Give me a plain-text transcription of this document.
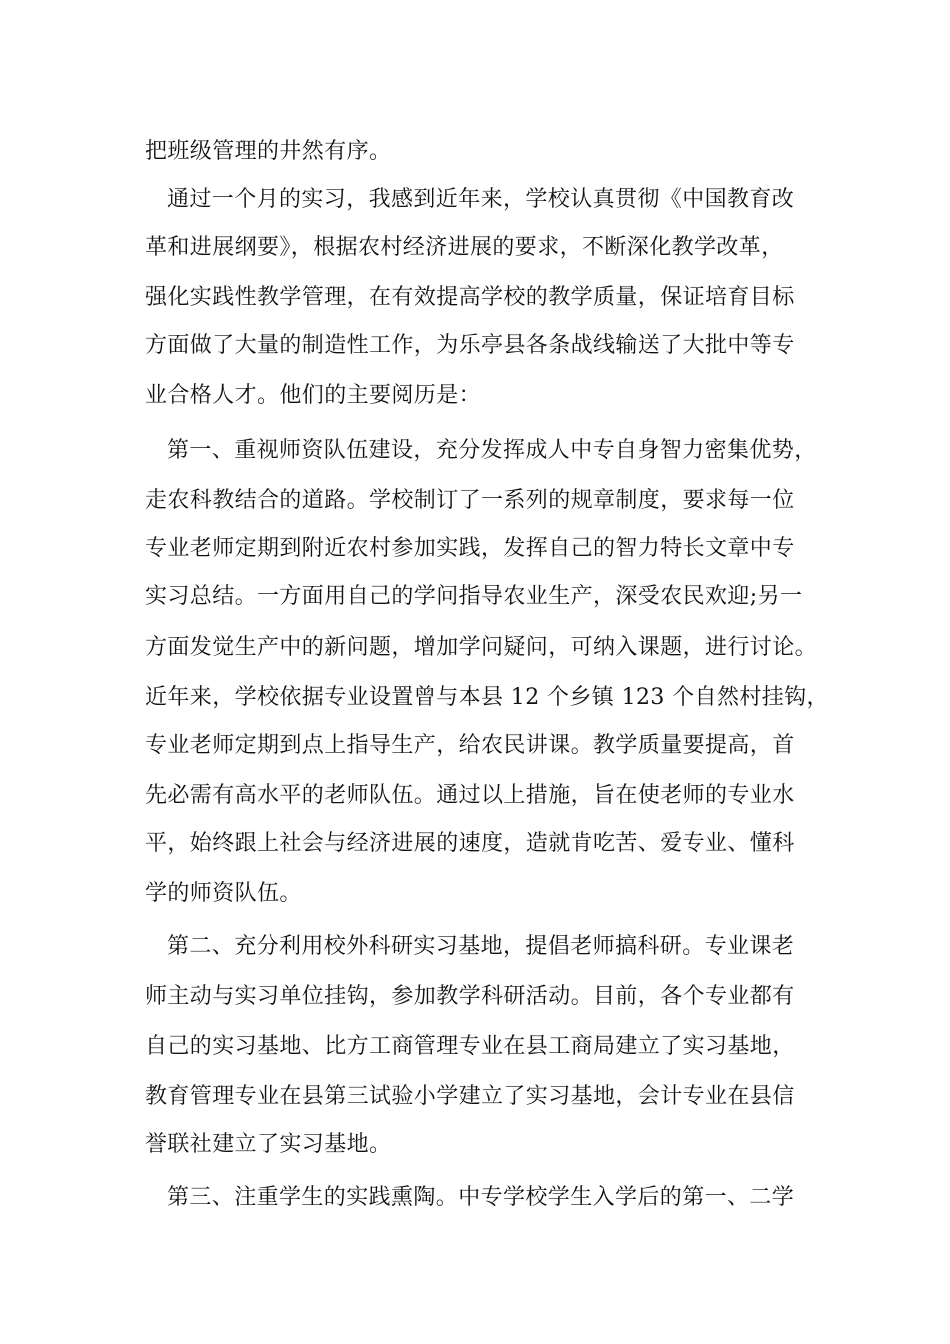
把班级管理的井然有序。
通过一个月的实习，我感到近年来，学校认真贯彻《中国教育改
革和进展纲要》，根据农村经济进展的要求，不断深化教学改革，
强化实践性教学管理，在有效提高学校的教学质量，保证培育目标
方面做了大量的制造性工作，为乐亭县各条战线输送了大批中等专
业合格人才。他们的主要阅历是：
第一、重视师资队伍建设，充分发挥成人中专自身智力密集优势，
走农科教结合的道路。学校制订了一系列的规章制度，要求每一位
专业老师定期到附近农村参加实践，发挥自己的智力特长文章中专
实习总结。一方面用自己的学问指导农业生产，深受农民欢迎;另一
方面发觉生产中的新问题，增加学问疑问，可纳入课题，进行讨论。
近年来，学校依据专业设置曾与本县 12 个乡镇 123 个自然村挂钩，
专业老师定期到点上指导生产，给农民讲课。教学质量要提高，首
先必需有高水平的老师队伍。通过以上措施，旨在使老师的专业水
平，始终跟上社会与经济进展的速度，造就肯吃苦、爱专业、懂科
学的师资队伍。
第二、充分利用校外科研实习基地，提倡老师搞科研。专业课老
师主动与实习单位挂钩，参加教学科研活动。目前，各个专业都有
自己的实习基地、比方工商管理专业在县工商局建立了实习基地，
教育管理专业在县第三试验小学建立了实习基地，会计专业在县信
誉联社建立了实习基地。
第三、注重学生的实践熏陶。中专学校学生入学后的第一、二学
